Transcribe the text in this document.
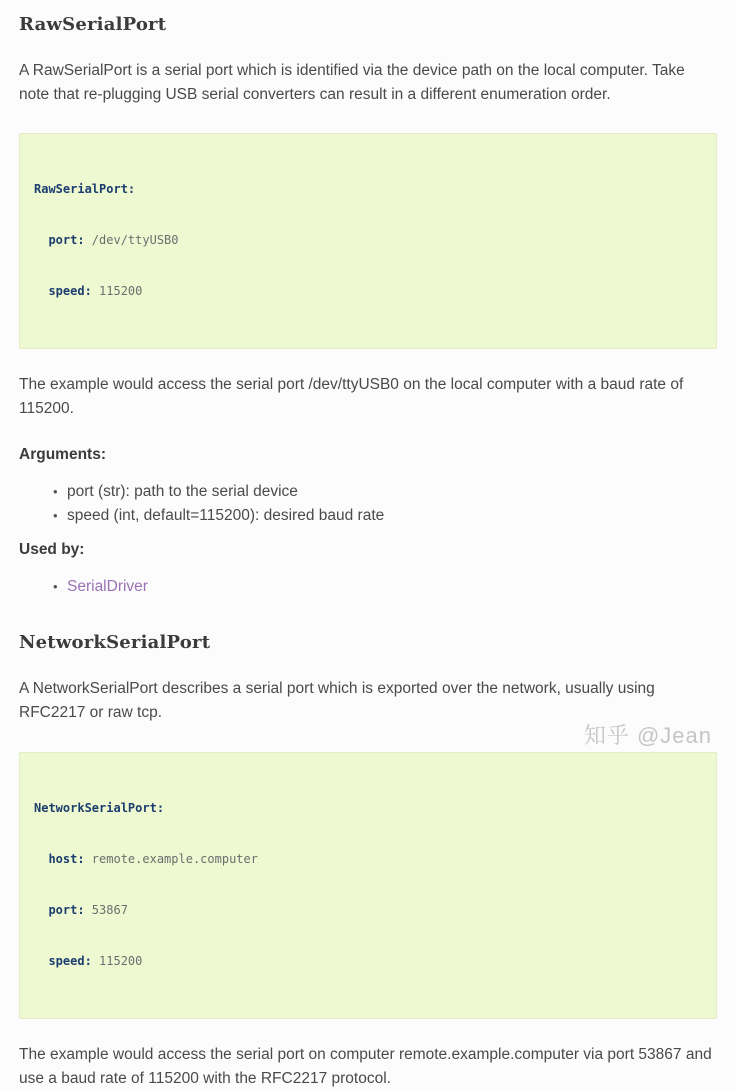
RawSerialPort

A RawSerialPort is a serial port which is identified via the device path on the local computer. Take note that re-plugging USB serial converters can result in a different enumeration order.

RawSerialPort:

port: /dev/ttyUSB0

speed: 115200

The example would access the serial port /dev/ttyUSB0 on the local computer with a baud rate of 115200.

Arguments:

• port (str): path to the serial device
• speed (int, default=115200): desired baud rate

Used by:

• SerialDriver
NetworkSerialPort

A NetworkSerialPort describes a serial port which is exported over the network, usually using RFC2217 or raw tcp.

NetworkSerialPort:

host: remote.example.computer

port: 53867

speed: 115200

The example would access the serial port on computer remote.example.computer via port 53867 and use a baud rate of 115200 with the RFC2217 protocol.

知乎 @Jean
